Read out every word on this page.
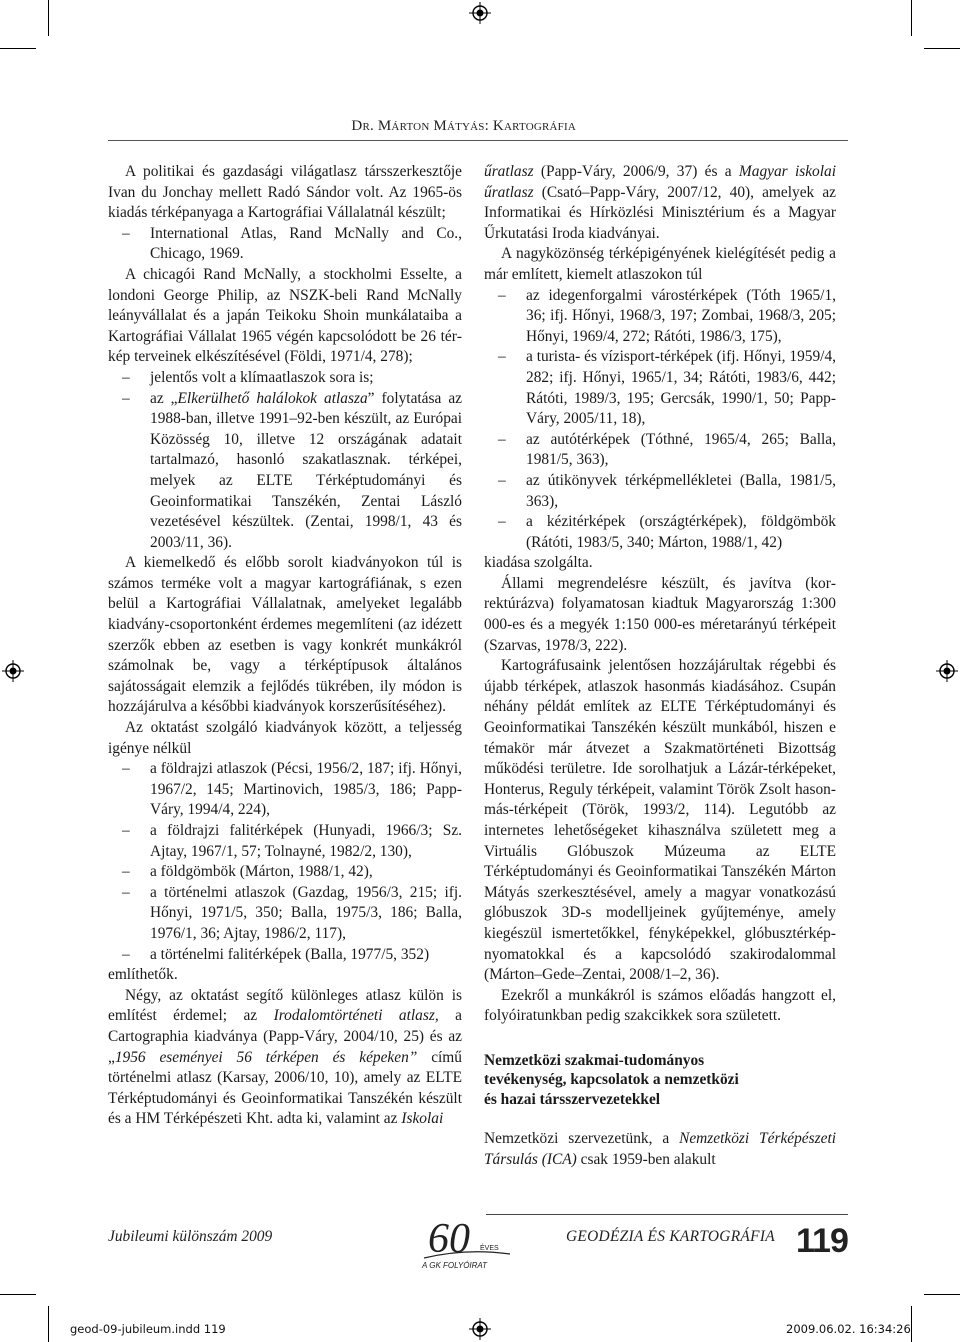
Dr. Márton Mátyás: Kartográfia

A politikai és gazdasági világatlasz társszerkesztője Ivan du Jonchay mellett Radó Sándor volt. Az 1965-ös kiadás térképanyaga a Kartográfiai Vállalatnál készült;

– International Atlas, Rand McNally and Co., Chicago, 1969.

A chicagói Rand McNally, a stockholmi Esselte, a londoni George Philip, az NSZK-beli Rand McNally leányvállalat és a japán Teikoku Shoin munkálataiba a Kartográfiai Vállalat 1965 végén kapcsolódott be 26 térkép terveinek elkészítésével (Földi, 1971/4, 278);

– jelentős volt a klímaatlaszok sora is;

– az „Elkerülhető halálokok atlasza” folytatása az 1988-ban, illetve 1991–92-ben készült, az Európai Közösség 10, illetve 12 országának adatait tartalmazó, hasonló szakatlasznak. térképei, melyek az ELTE Térképtudományi és Geoinformatikai Tanszékén, Zentai László vezetésével készültek. (Zentai, 1998/1, 43 és 2003/11, 36).

A kiemelkedő és előbb sorolt kiadványokon túl is számos terméke volt a magyar kartográfiának, s ezen belül a Kartográfiai Vállalatnak, amelyeket legalább kiadvány-csoportonként érdemes megemlíteni (az idézett szerzők ebben az esetben is vagy konkrét munkákról számolnak be, vagy a térképtípusok általános sajátosságait elemzik a fejlődés tükrében, ily módon is hozzájárulva a későbbi kiadványok korszerűsítéséhez).

Az oktatást szolgáló kiadványok között, a teljesség igénye nélkül

– a földrajzi atlaszok (Pécsi, 1956/2, 187; ifj. Hőnyi, 1967/2, 145; Martinovich, 1985/3, 186; Papp-Váry, 1994/4, 224),

– a földrajzi falitérképek (Hunyadi, 1966/3; Sz. Ajtay, 1967/1, 57; Tolnayné, 1982/2, 130),

– a földgömbök (Márton, 1988/1, 42),

– a történelmi atlaszok (Gazdag, 1956/3, 215; ifj. Hőnyi, 1971/5, 350; Balla, 1975/3, 186; Balla, 1976/1, 36; Ajtay, 1986/2, 117),

– a történelmi falitérképek (Balla, 1977/5, 352)

említhetők.

Négy, az oktatást segítő különleges atlasz külön is említést érdemel; az Irodalomtörténeti atlasz, a Cartographia kiadványa (Papp-Váry, 2004/10, 25) és az „1956 eseményei 56 térképen és képeken” című történelmi atlasz (Karsay, 2006/10, 10), amely az ELTE Térképtudományi és Geoinformatikai Tanszékén készült és a HM Térképészeti Kht. adta ki, valamint az Iskolai

űratlasz (Papp-Váry, 2006/9, 37) és a Magyar iskolai űratlasz (Csató–Papp-Váry, 2007/12, 40), amelyek az Informatikai és Hírközlési Minisztérium és a Magyar Űrkutatási Iroda kiadványai.

A nagyközönség térképigényének kielégítését pedig a már említett, kiemelt atlaszokon túl

– az idegenforgalmi várostérképek (Tóth 1965/1, 36; ifj. Hőnyi, 1968/3, 197; Zombai, 1968/3, 205; Hőnyi, 1969/4, 272; Rátóti, 1986/3, 175),

– a turista- és vízisport-térképek (ifj. Hőnyi, 1959/4, 282; ifj. Hőnyi, 1965/1, 34; Rátóti, 1983/6, 442; Rátóti, 1989/3, 195; Gercsák, 1990/1, 50; Papp-Váry, 2005/11, 18),

– az autótérképek (Tóthné, 1965/4, 265; Balla, 1981/5, 363),

– az útikönyvek térképmellékletei (Balla, 1981/5, 363),

– a kézitérképek (országtérképek), földgömbök (Rátóti, 1983/5, 340; Márton, 1988/1, 42)

kiadása szolgálta.

Állami megrendelésre készült, és javítva (korrektúrázva) folyamatosan kiadtuk Magyarország 1:300 000-es és a megyék 1:150 000-es méretarányú térképeit (Szarvas, 1978/3, 222).

Kartográfusaink jelentősen hozzájárultak régebbi és újabb térképek, atlaszok hasonmás kiadásához. Csupán néhány példát említek az ELTE Térképtudományi és Geoinformatikai Tanszékén készült munkából, hiszen e témakör már átvezet a Szakmatörténeti Bizottság működési területre. Ide sorolhatjuk a Lázár-térképeket, Honterus, Reguly térképeit, valamint Török Zsolt hasonmás-térképeit (Török, 1993/2, 114). Legutóbb az internetes lehetőségeket kihasználva született meg a Virtuális Glóbuszok Múzeuma az ELTE Térképtudományi és Geoinformatikai Tanszékén Márton Mátyás szerkesztésével, amely a magyar vonatkozású glóbuszok 3D-s modelljeinek gyűjteménye, amely kiegészül ismertetőkkel, fényképekkel, glóbusztérkép-nyomatokkal és a kapcsolódó szakirodalommal (Márton–Gede–Zentai, 2008/1–2, 36).

Ezekről a munkákról is számos előadás hangzott el, folyóiratunkban pedig szakcikkek sora született.

Nemzetközi szakmai-tudományos
tevékenység, kapcsolatok a nemzetközi
és hazai társszervezetekkel

Nemzetközi szervezetünk, a Nemzetközi Térképészeti Társulás (ICA) csak 1959-ben alakult

Jubileumi különszám 2009	60 ÉVES
A GK FOLYÓIRAT
GEODÉZIA ÉS KARTOGRÁFIA 119
geod-09-jubileum.indd 119	2009.06.02. 16:34:26
